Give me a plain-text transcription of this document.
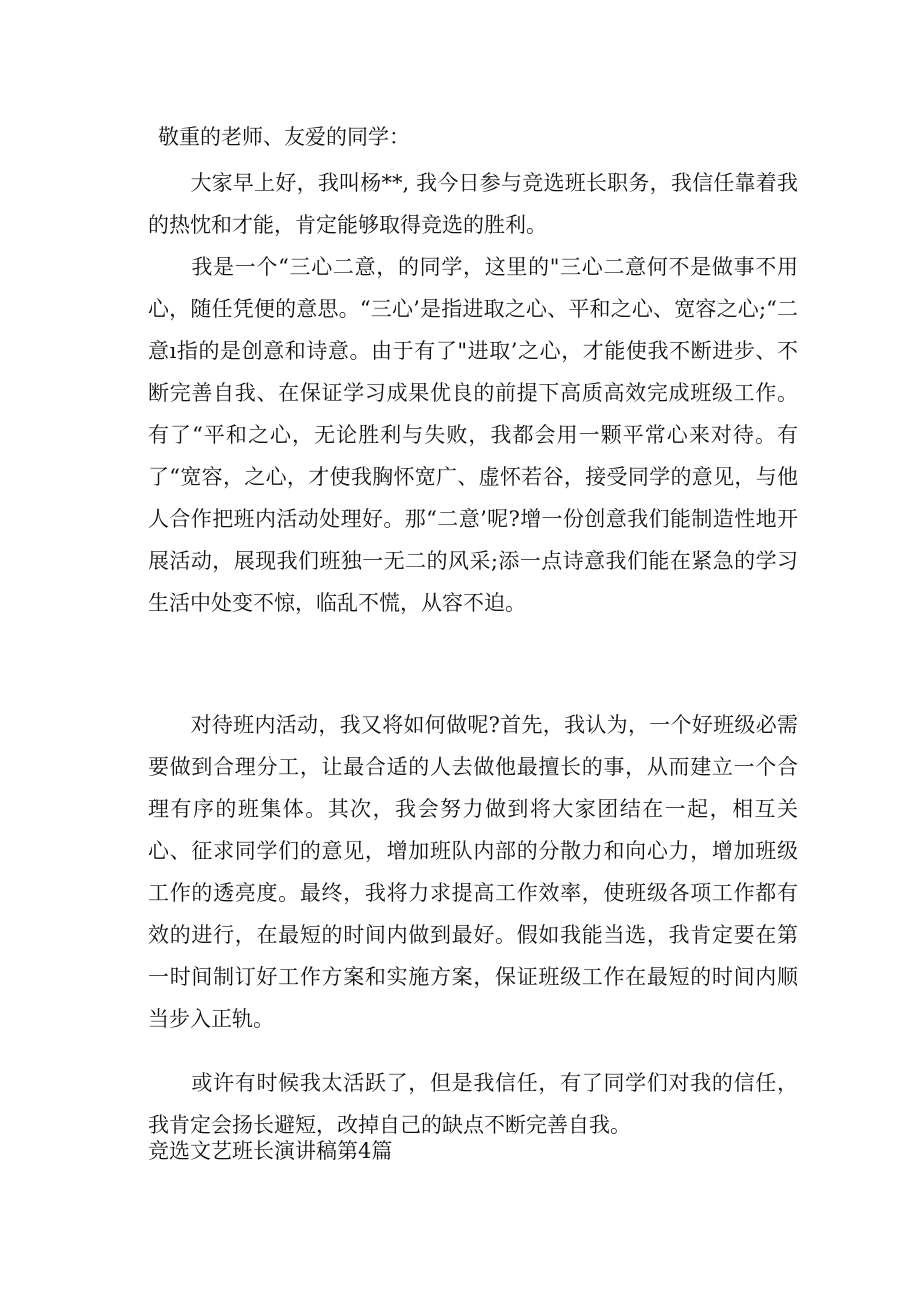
敬重的老师、友爱的同学：

　　大家早上好，我叫杨**, 我今日参与竞选班长职务，我信任靠着我的热忱和才能，肯定能够取得竞选的胜利。

　　我是一个“三心二意，的同学，这里的"三心二意何不是做事不用心，随任凭便的意思。“三心’是指进取之心、平和之心、宽容之心;“二意ı指的是创意和诗意。由于有了"进取’之心，才能使我不断进步、不断完善自我、在保证学习成果优良的前提下高质高效完成班级工作。有了“平和之心，无论胜利与失败，我都会用一颗平常心来对待。有了“宽容，之心，才使我胸怀宽广、虚怀若谷，接受同学的意见，与他人合作把班内活动处理好。那“二意’呢?增一份创意我们能制造性地开展活动，展现我们班独一无二的风采;添一点诗意我们能在紧急的学习生活中处变不惊，临乱不慌，从容不迫。

　　对待班内活动，我又将如何做呢?首先，我认为，一个好班级必需要做到合理分工，让最合适的人去做他最擅长的事，从而建立一个合理有序的班集体。其次，我会努力做到将大家团结在一起，相互关心、征求同学们的意见，增加班队内部的分散力和向心力，增加班级工作的透亮度。最终，我将力求提高工作效率，使班级各项工作都有效的进行，在最短的时间内做到最好。假如我能当选，我肯定要在第一时间制订好工作方案和实施方案，保证班级工作在最短的时间内顺当步入正轨。

　　或许有时候我太活跃了，但是我信任，有了同学们对我的信任，我肯定会扬长避短，改掉自己的缺点不断完善自我。

竞选文艺班长演讲稿第4篇
